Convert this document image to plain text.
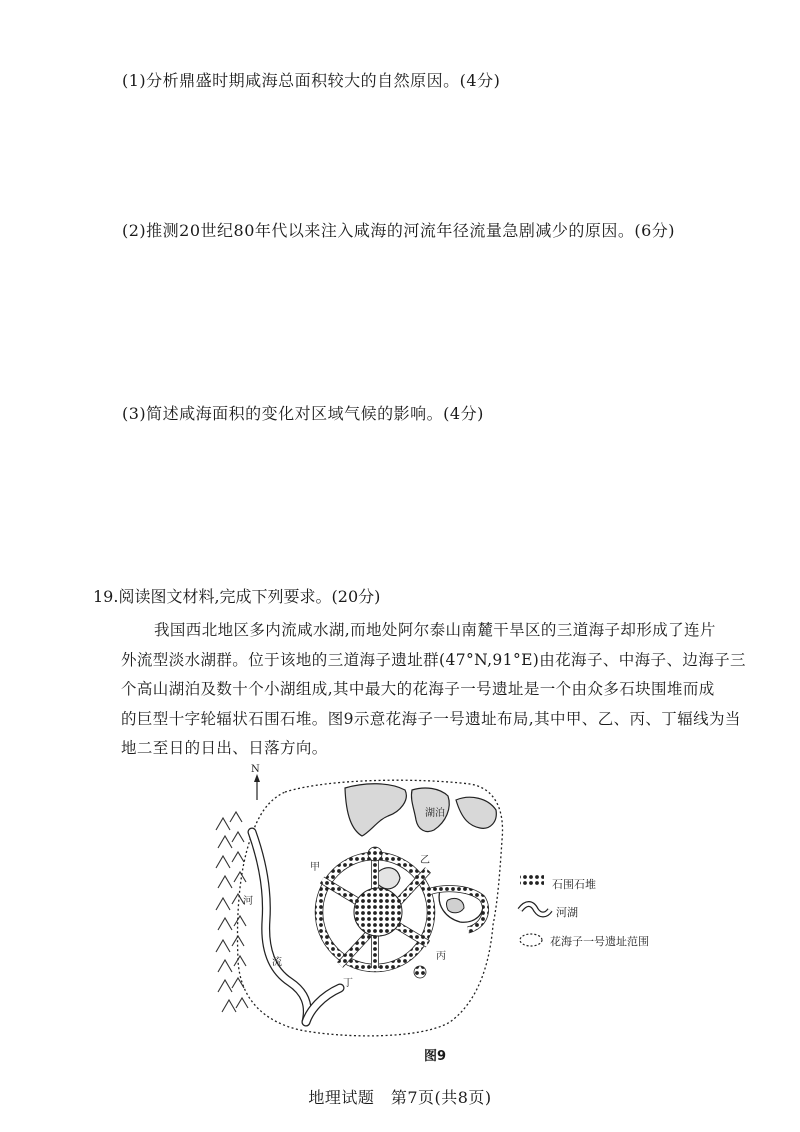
(1)分析鼎盛时期咸海总面积较大的自然原因。(4分)
(2)推测20世纪80年代以来注入咸海的河流年径流量急剧减少的原因。(6分)
(3)简述咸海面积的变化对区域气候的影响。(4分)
19.阅读图文材料,完成下列要求。(20分)
我国西北地区多内流咸水湖,而地处阿尔泰山南麓干旱区的三道海子却形成了连片
外流型淡水湖群。位于该地的三道海子遗址群(47°N,91°E)由花海子、中海子、边海子三
个高山湖泊及数十个小湖组成,其中最大的花海子一号遗址是一个由众多石块围堆而成
的巨型十字轮辐状石围石堆。图9示意花海子一号遗址布局,其中甲、乙、丙、丁辐线为当
地二至日的日出、日落方向。
N
湖泊
河
流
甲
乙
丙
丁
石围石堆
河湖
花海子一号遗址范围
图9
地理试题　第7页(共8页)
